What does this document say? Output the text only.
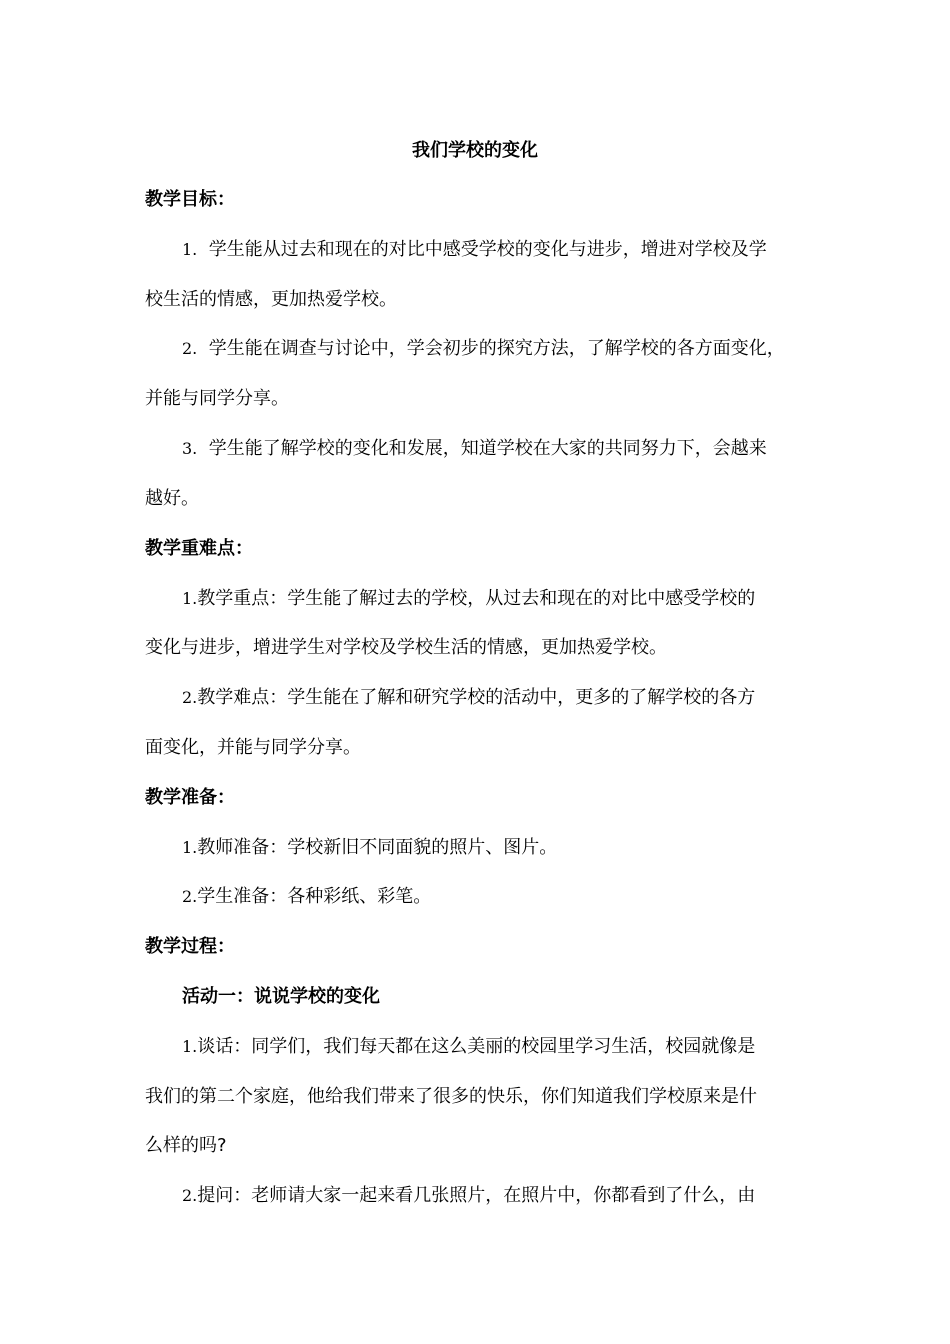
我们学校的变化
教学目标：
1. 学生能从过去和现在的对比中感受学校的变化与进步，增进对学校及学
校生活的情感，更加热爱学校。
2. 学生能在调查与讨论中，学会初步的探究方法，了解学校的各方面变化，
并能与同学分享。
3. 学生能了解学校的变化和发展，知道学校在大家的共同努力下，会越来
越好。
教学重难点：
1.教学重点：学生能了解过去的学校，从过去和现在的对比中感受学校的
变化与进步，增进学生对学校及学校生活的情感，更加热爱学校。
2.教学难点：学生能在了解和研究学校的活动中，更多的了解学校的各方
面变化，并能与同学分享。
教学准备：
1.教师准备：学校新旧不同面貌的照片、图片。
2.学生准备：各种彩纸、彩笔。
教学过程：
活动一：说说学校的变化
1.谈话：同学们，我们每天都在这么美丽的校园里学习生活，校园就像是
我们的第二个家庭，他给我们带来了很多的快乐，你们知道我们学校原来是什
么样的吗?
2.提问：老师请大家一起来看几张照片，在照片中，你都看到了什么，由
